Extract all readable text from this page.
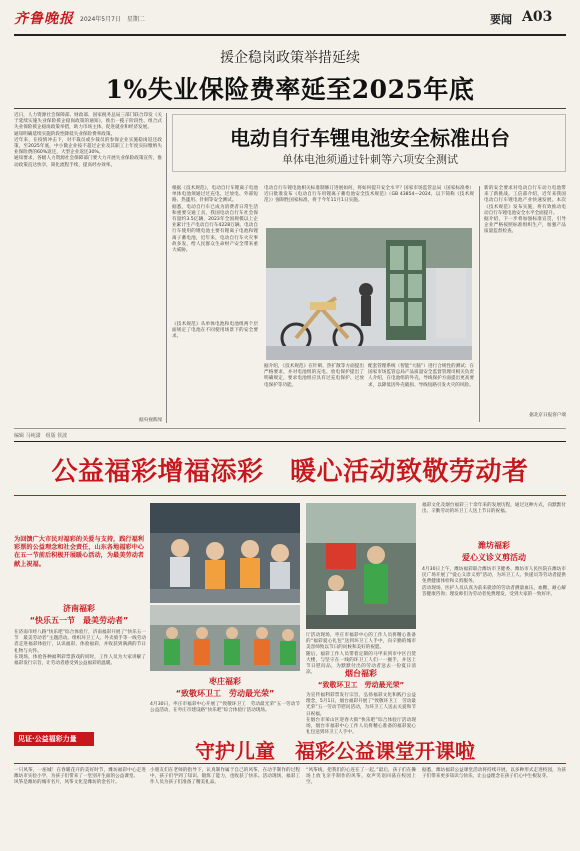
齐鲁晚报 2024年5月7日　星期二	要闻 A03
援企稳岗政策举措延续
1%失业保险费率延至2025年底
近日，人力资源社会保障部、财政部、国家税务总局三部门联合印发《关于延续实施失业保险援企稳岗政策的通知》，推出一揽子阶段性、组合式失业保险援企稳岗政策举措，助力市场主体、促进就业和经济发展。
通知明确延续实施阶段性降低失业保险费率政策。
近年来，在疫情冲击下，对不裁员或少裁员的参保企业实施稳岗返还政策，至2025年底，中小微企业按不超过企业及其职工上年度实际缴纳失业保险费的60%返还，大型企业返还30%。
通知要求，各级人力资源社会保障部门要大力开展失业保险政策宣传，推动政策直达快享，简化流程手续，提高经办效率。
据央视新闻
电动自行车锂电池安全标准出台
单体电池须通过针刺等六项安全测试
根据《技术规范》，电动自行车锂离子电池单体电池须通过过充电、过放电、外部短路、热滥用、针刺等安全测试。
据悉，电动自行车已成为消费者日常生活和重要交通工具，我国电动自行车社会保有量约3.5亿辆，2023年全国规模以上企业累计生产电动自行车4228万辆。电动自行车使用的锂电池主要有锂离子电池和锂离子蓄电池，近年来，电动自行车火灾事故多发，给人民群众生命财产安全带来重大威胁。
电动自行车锂电池相关标准制修订进展如何，将如何提升安全水平？国家市场监管总局（国家标准委）近日批准发布《电动自行车用锂离子蓄电池安全技术规范》（GB 43854—2024，以下简称《技术规范》）强制性国家标准，将于今年11月1日实施。
《技术规范》从单体电池和电池组两个层面规定了电池在不同使用场景下的安全要求。
配套管理系统（智能“大脑”）进行合规性的测试；在国家市场监管总局产品质量安全监督管理司相关负责人介绍，在电池组的外壳、导线保护方面提出更高要求，以降低因外壳破损、导线短路引发火灾的风险。
据介绍，《技术规范》在针刺、热扩散等方面提出严格要求，并对电池组的充电、放电保护提出了明确规定，要求电池组应具有过充电保护、过放电保护等功能。
新的安全要求对电动自行车动力电池带来了新挑战。工信部介绍，近年来我国电动自行车锂电池产业快速发展。本次《技术规范》发布实施，将有效推动电动自行车锂电池安全水平全面提升。
据介绍，下一步将加强标准宣贯，引导企业严格按照标准组织生产，加强产品质量监督检查。
据北京日报客户端
编辑 马纯潇　组版 侯波
公益福彩增福添彩　暖心活动致敬劳动者
为回馈广大市民对福彩的关爱与支持，践行福利彩票的公益理念和社会责任，山东各地福彩中心在五一节前后积极开展暖心活动，为最美劳动者献上祝福。
济南福彩
“快乐五一节　最美劳动者”
在济南市经八路“快乐吧”综合体验厅，济南福彩开展了“快乐五一节　最美劳动者”主题活动。组织环卫工人、外卖骑手等一线劳动者走进福彩体验厅，认识福彩、体验福彩，并收获到满满的节日礼物与关怀。
在现场，体验各种福利彩票游戏的同时，工作人员为大家讲解了福彩发行宗旨，让劳动者感受到公益福彩的温暖。
枣庄福彩
“致敬环卫工　劳动最光荣”
4月30日，枣庄市福彩中心开展了“致敬环卫工　劳动最光荣”五一劳动节公益活动，在枣庄市建设路“快乐吧”综合体验厅活动现场。
厅活动现场，枣庄市福彩中心的工作人员将精心准备的“福彩爱心礼包”送到环卫工人手中，向辛勤的城市美容师致以节日的问候和美好的祝愿。
随后，福彩工作人员带着定制的马甲来到市中区百货大楼，与坚守在一线的环卫工人们一一握手，并送上节日慰问品，为默默付出的劳动者送去一份夏日清凉。	烟台福彩
“致敬环卫工　劳动最光荣”
为宣传福利彩票发行宗旨，弘扬福彩文化和践行公益理念，5月1日，烟台福彩开展了“致敬环卫工　劳动最光荣”五一劳动节慰问活动，为环卫工人送去关爱和节日祝福。
在烟台市莱山区迎春大街“快乐吧”综合体验厅活动现场，烟台市福彩中心工作人员将精心准备的福彩爱心礼包送到环卫工人手中。
福彩文化及烟台福彩三十余年来的发展历程，通过这种方式，向默默付出、辛勤劳动的环卫工人送上节日的祝福。
潍坊福彩
爱心义诊义剪活动
4月30日上午，潍坊福彩联合潍坊市卫健委、潍坊市人民医院在潍坊市民广场开展了“爱心义诊义剪”活动，为环卫工人、快递员等劳动者提供免费健康体检和义剪服务。
活动现场，医护人员认真为前来就诊的劳动者测量血压、血糖，耐心解答健康咨询；理发师们为劳动者免费理发，受到大家的一致好评。
见证·公益福彩力量	守护儿童　福彩公益课堂开课啦
一只风筝，一座城！在春暖花开的美好时节，潍坊福彩中心走进潍坊市实验小学，为孩子们带来了一堂别开生面的公益课堂。
风筝是潍坊的城市名片，风筝文化是潍坊的金名片。
小朋友们在老师的指导下，认真制作属于自己的风筝，在动手制作的过程中，孩子们学到了知识、锻炼了能力，也收获了快乐。活动现场，福彩工作人员为孩子们准备了精美礼品。
“风筝线，把我们的心连在了一起。”最后，孩子们在操场上放飞亲手制作的风筝，欢声笑语回荡在校园上空。
据悉，潍坊福彩公益课堂活动将持续开展，以多种形式走进校园，为孩子们带来更多知识与快乐，让公益理念在孩子们心中生根发芽。
